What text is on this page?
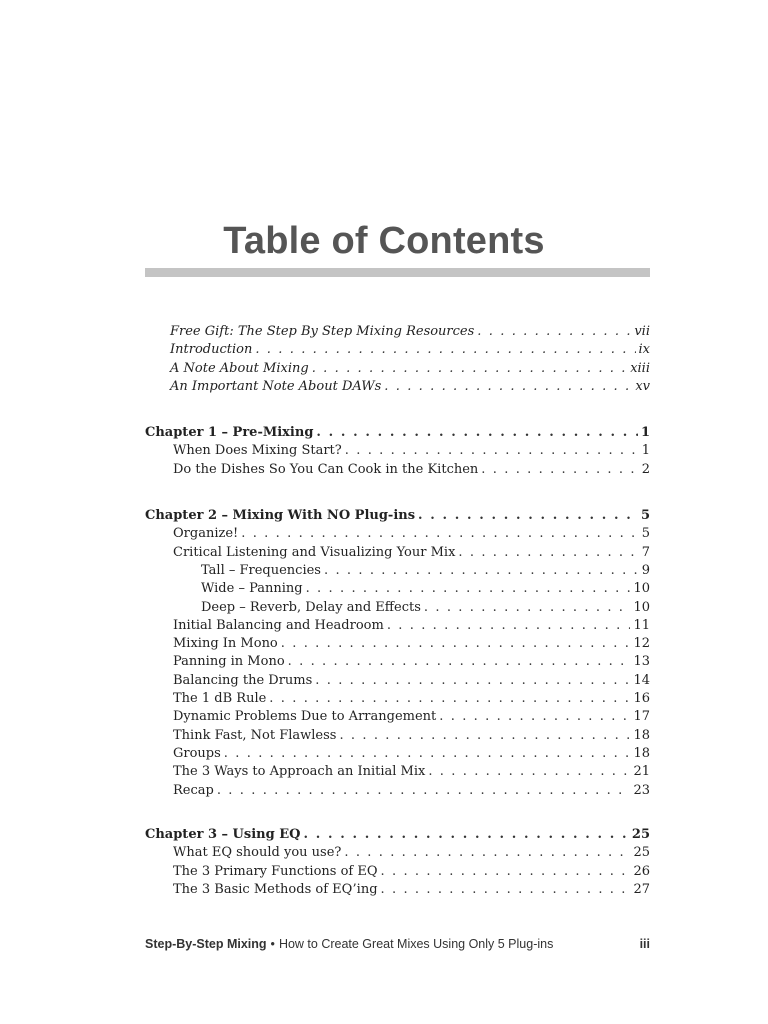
Table of Contents
Free Gift: The Step By Step Mixing Resources . . .	vii
Introduction . . .	ix
A Note About Mixing . . .	xiii
An Important Note About DAWs . . .	xv
Chapter 1 – Pre-Mixing . . .	1
When Does Mixing Start? . . .	1
Do the Dishes So You Can Cook in the Kitchen . . .	2
Chapter 2 – Mixing With NO Plug-ins . . .	5
Organize! . . .	5
Critical Listening and Visualizing Your Mix . . .	7
Tall – Frequencies . . .	9
Wide – Panning . . .	10
Deep – Reverb, Delay and Effects . . .	10
Initial Balancing and Headroom . . .	11
Mixing In Mono . . .	12
Panning in Mono . . .	13
Balancing the Drums . . .	14
The 1 dB Rule . . .	16
Dynamic Problems Due to Arrangement . . .	17
Think Fast, Not Flawless . . .	18
Groups . . .	18
The 3 Ways to Approach an Initial Mix . . .	21
Recap . . .	23
Chapter 3 – Using EQ . . .	25
What EQ should you use? . . .	25
The 3 Primary Functions of EQ . . .	26
The 3 Basic Methods of EQ’ing . . .	27
Step-By-Step Mixing • How to Create Great Mixes Using Only 5 Plug-ins	iii
